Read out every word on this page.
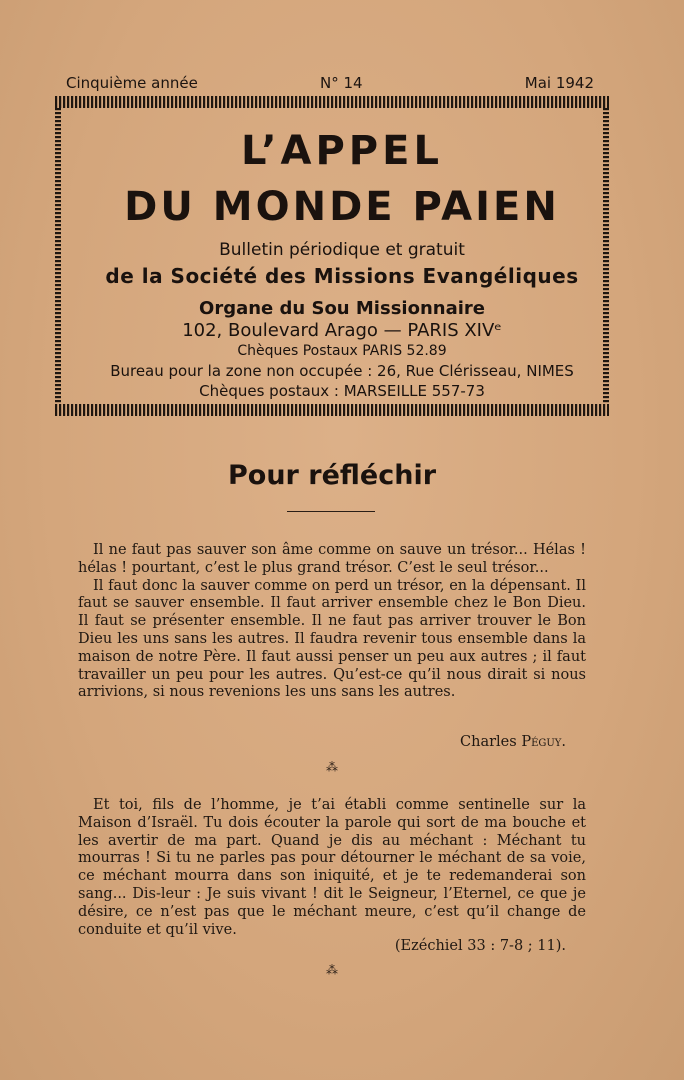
Cinquième année	N° 14	Mai 1942
L’APPEL
DU MONDE PAIEN
Bulletin périodique et gratuit
de la Société des Missions Evangéliques
Organe du Sou Missionnaire
102, Boulevard Arago — PARIS XIVᵉ
Chèques Postaux PARIS 52.89
Bureau pour la zone non occupée : 26, Rue Clérisseau, NIMES
Chèques postaux : MARSEILLE 557-73
Pour réfléchir

Il ne faut pas sauver son âme comme on sauve un trésor... Hélas ! hélas ! pourtant, c’est le plus grand trésor. C’est le seul trésor...

Il faut donc la sauver comme on perd un trésor, en la dépensant. Il faut se sauver ensemble. Il faut arriver ensemble chez le Bon Dieu. Il faut se présenter ensemble. Il ne faut pas arriver trouver le Bon Dieu les uns sans les autres. Il faudra revenir tous ensemble dans la maison de notre Père. Il faut aussi penser un peu aux autres ; il faut travailler un peu pour les autres. Qu’est-ce qu’il nous dirait si nous arrivions, si nous revenions les uns sans les autres.

Charles Péguy.
⁂

Et toi, fils de l’homme, je t’ai établi comme sentinelle sur la Maison d’Israël. Tu dois écouter la parole qui sort de ma bouche et les avertir de ma part. Quand je dis au méchant : Méchant tu mourras ! Si tu ne parles pas pour détourner le méchant de sa voie, ce méchant mourra dans son iniquité, et je te redemanderai son sang... Dis-leur : Je suis vivant ! dit le Seigneur, l’Eternel, ce que je désire, ce n’est pas que le méchant meure, c’est qu’il change de conduite et qu’il vive.

(Ezéchiel 33 : 7-8 ; 11).
⁂
